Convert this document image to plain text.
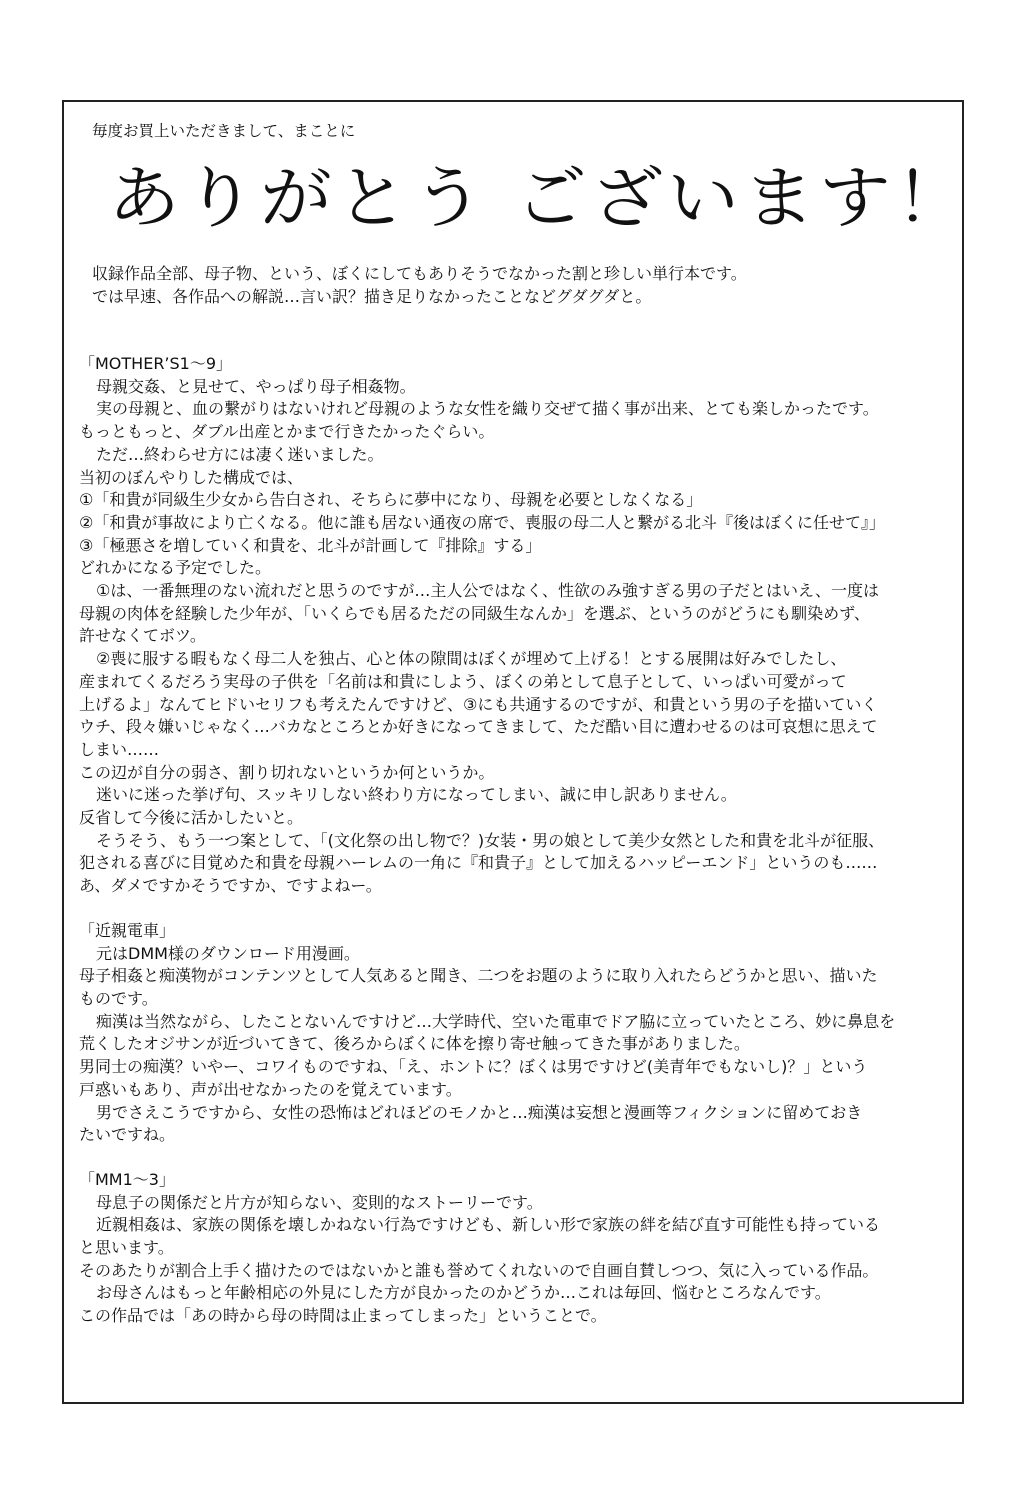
毎度お買上いただきまして、まことに
ありがとう ございます！
収録作品全部、母子物、という、ぼくにしてもありそうでなかった割と珍しい単行本です。
では早速、各作品への解説…言い訳？描き足りなかったことなどグダグダと。
「MOTHER’S1～9」
母親交姦、と見せて、やっぱり母子相姦物。
実の母親と、血の繋がりはないけれど母親のような女性を織り交ぜて描く事が出来、とても楽しかったです。
もっともっと、ダブル出産とかまで行きたかったぐらい。
ただ…終わらせ方には凄く迷いました。
当初のぼんやりした構成では、
①「和貴が同級生少女から告白され、そちらに夢中になり、母親を必要としなくなる」
②「和貴が事故により亡くなる。他に誰も居ない通夜の席で、喪服の母二人と繋がる北斗『後はぼくに任せて』」
③「極悪さを増していく和貴を、北斗が計画して『排除』する」
どれかになる予定でした。
①は、一番無理のない流れだと思うのですが…主人公ではなく、性欲のみ強すぎる男の子だとはいえ、一度は
母親の肉体を経験した少年が、「いくらでも居るただの同級生なんか」を選ぶ、というのがどうにも馴染めず、
許せなくてボツ。
②喪に服する暇もなく母二人を独占、心と体の隙間はぼくが埋めて上げる！とする展開は好みでしたし、
産まれてくるだろう実母の子供を「名前は和貴にしよう、ぼくの弟として息子として、いっぱい可愛がって
上げるよ」なんてヒドいセリフも考えたんですけど、③にも共通するのですが、和貴という男の子を描いていく
ウチ、段々嫌いじゃなく…バカなところとか好きになってきまして、ただ酷い目に遭わせるのは可哀想に思えて
しまい……
この辺が自分の弱さ、割り切れないというか何というか。
迷いに迷った挙げ句、スッキリしない終わり方になってしまい、誠に申し訳ありません。
反省して今後に活かしたいと。
そうそう、もう一つ案として、「(文化祭の出し物で？)女装・男の娘として美少女然とした和貴を北斗が征服、
犯される喜びに目覚めた和貴を母親ハーレムの一角に『和貴子』として加えるハッピーエンド」というのも……
あ、ダメですかそうですか、ですよねー。
「近親電車」
元はDMM様のダウンロード用漫画。
母子相姦と痴漢物がコンテンツとして人気あると聞き、二つをお題のように取り入れたらどうかと思い、描いた
ものです。
痴漢は当然ながら、したことないんですけど…大学時代、空いた電車でドア脇に立っていたところ、妙に鼻息を
荒くしたオジサンが近づいてきて、後ろからぼくに体を擦り寄せ触ってきた事がありました。
男同士の痴漢？いやー、コワイものですね、「え、ホントに？ぼくは男ですけど(美青年でもないし)？」という
戸惑いもあり、声が出せなかったのを覚えています。
男でさえこうですから、女性の恐怖はどれほどのモノかと…痴漢は妄想と漫画等フィクションに留めておき
たいですね。
「MM1～3」
母息子の関係だと片方が知らない、変則的なストーリーです。
近親相姦は、家族の関係を壊しかねない行為ですけども、新しい形で家族の絆を結び直す可能性も持っている
と思います。
そのあたりが割合上手く描けたのではないかと誰も誉めてくれないので自画自賛しつつ、気に入っている作品。
お母さんはもっと年齢相応の外見にした方が良かったのかどうか…これは毎回、悩むところなんです。
この作品では「あの時から母の時間は止まってしまった」ということで。
